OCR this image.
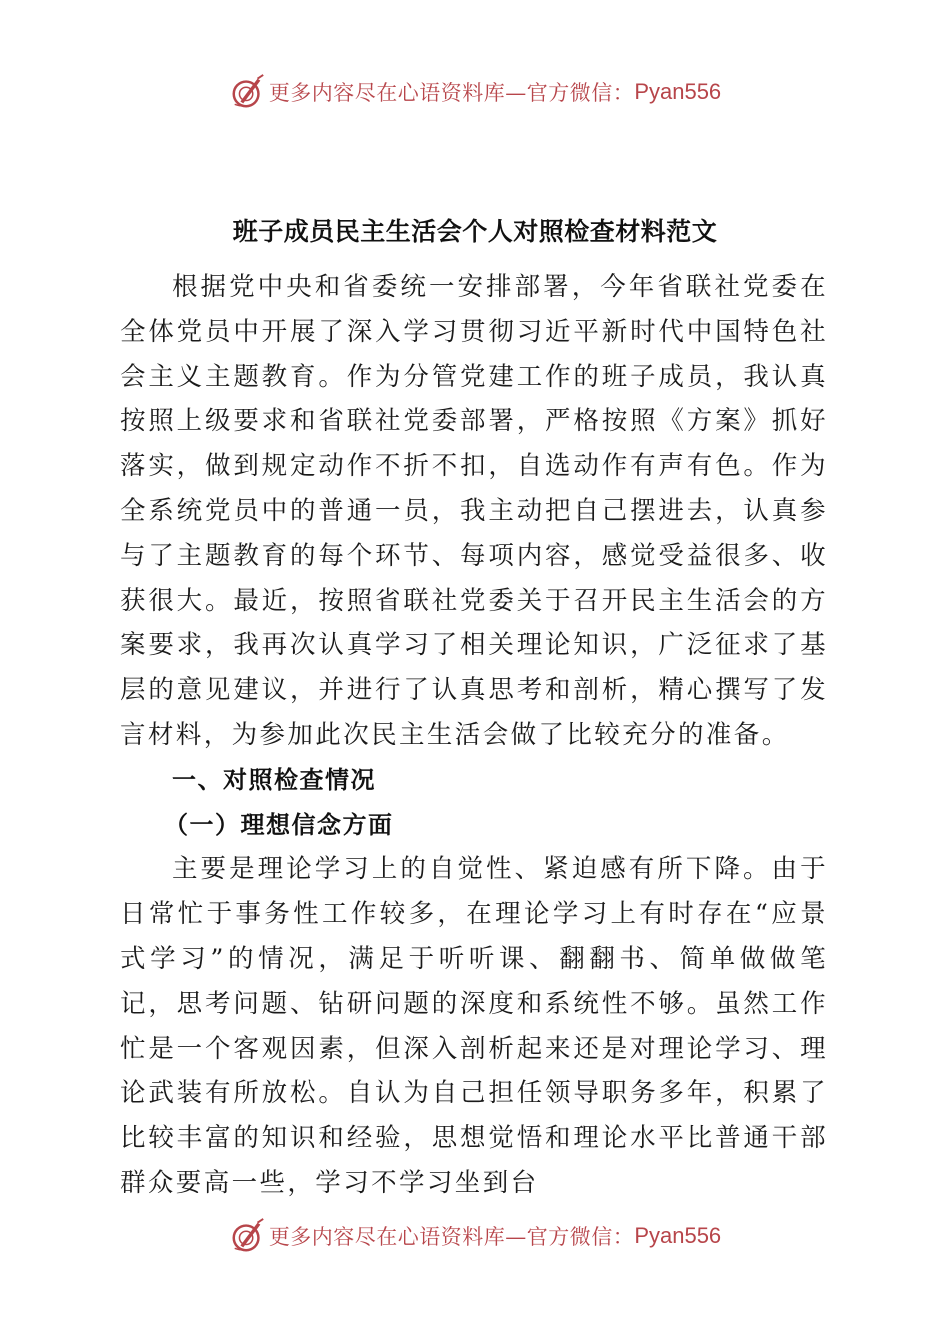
更多内容尽在心语资料库—官方微信： Pyan556
班子成员民主生活会个人对照检查材料范文

根据党中央和省委统一安排部署，今年省联社党委在全体党员中开展了深入学习贯彻习近平新时代中国特色社会主义主题教育。作为分管党建工作的班子成员，我认真按照上级要求和省联社党委部署，严格按照《方案》抓好落实，做到规定动作不折不扣，自选动作有声有色。作为全系统党员中的普通一员，我主动把自己摆进去，认真参与了主题教育的每个环节、每项内容，感觉受益很多、收获很大。最近，按照省联社党委关于召开民主生活会的方案要求，我再次认真学习了相关理论知识，广泛征求了基层的意见建议，并进行了认真思考和剖析，精心撰写了发言材料，为参加此次民主生活会做了比较充分的准备。

一、对照检查情况
（一）理想信念方面

主要是理论学习上的自觉性、紧迫感有所下降。由于日常忙于事务性工作较多，在理论学习上有时存在“应景式学习”的情况，满足于听听课、翻翻书、简单做做笔记，思考问题、钻研问题的深度和系统性不够。虽然工作忙是一个客观因素，但深入剖析起来还是对理论学习、理论武装有所放松。自认为自己担任领导职务多年，积累了比较丰富的知识和经验，思想觉悟和理论水平比普通干部群众要高一些，学习不学习坐到台

更多内容尽在心语资料库—官方微信： Pyan556
